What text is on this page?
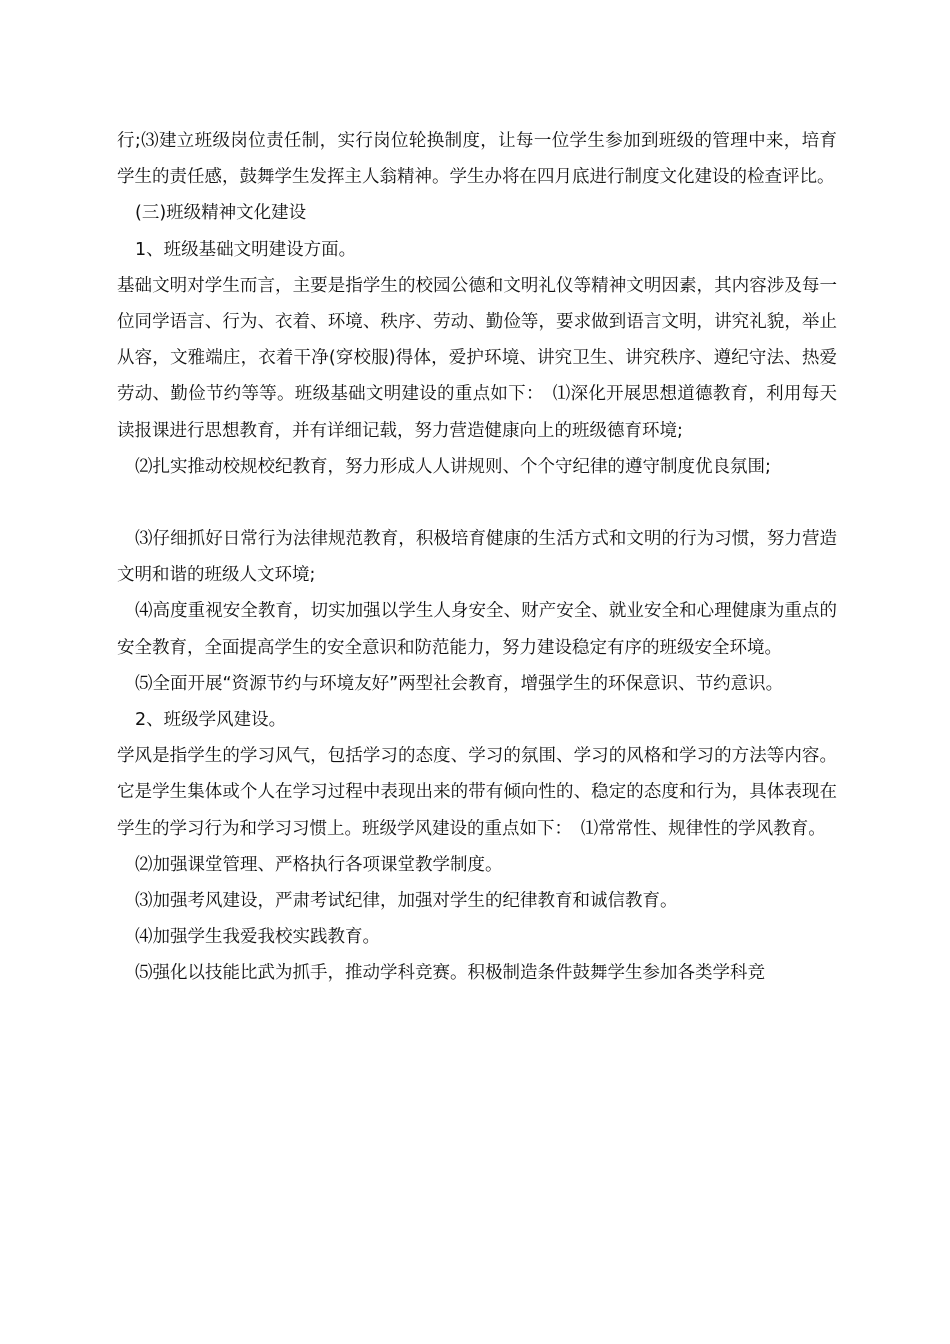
行;⑶建立班级岗位责任制，实行岗位轮换制度，让每一位学生参加到班级的管理中来，培育学生的责任感，鼓舞学生发挥主人翁精神。学生办将在四月底进行制度文化建设的检查评比。

(三)班级精神文化建设

1、班级基础文明建设方面。

基础文明对学生而言，主要是指学生的校园公德和文明礼仪等精神文明因素，其内容涉及每一位同学语言、行为、衣着、环境、秩序、劳动、勤俭等，要求做到语言文明，讲究礼貌，举止从容，文雅端庄，衣着干净(穿校服)得体，爱护环境、讲究卫生、讲究秩序、遵纪守法、热爱劳动、勤俭节约等等。班级基础文明建设的重点如下：　⑴深化开展思想道德教育，利用每天读报课进行思想教育，并有详细记载，努力营造健康向上的班级德育环境;

⑵扎实推动校规校纪教育，努力形成人人讲规则、个个守纪律的遵守制度优良氛围;

⑶仔细抓好日常行为法律规范教育，积极培育健康的生活方式和文明的行为习惯，努力营造文明和谐的班级人文环境;

⑷高度重视安全教育，切实加强以学生人身安全、财产安全、就业安全和心理健康为重点的安全教育，全面提高学生的安全意识和防范能力，努力建设稳定有序的班级安全环境。

⑸全面开展“资源节约与环境友好”两型社会教育，增强学生的环保意识、节约意识。

2、班级学风建设。

学风是指学生的学习风气，包括学习的态度、学习的氛围、学习的风格和学习的方法等内容。它是学生集体或个人在学习过程中表现出来的带有倾向性的、稳定的态度和行为，具体表现在学生的学习行为和学习习惯上。班级学风建设的重点如下：　⑴常常性、规律性的学风教育。

⑵加强课堂管理、严格执行各项课堂教学制度。

⑶加强考风建设，严肃考试纪律，加强对学生的纪律教育和诚信教育。

⑷加强学生我爱我校实践教育。

⑸强化以技能比武为抓手，推动学科竞赛。积极制造条件鼓舞学生参加各类学科竞
